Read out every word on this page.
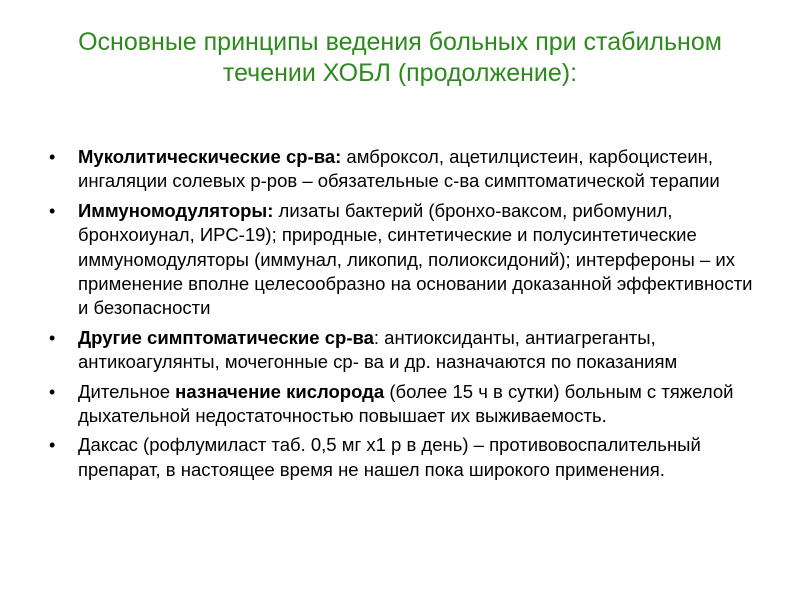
Основные принципы ведения больных при стабильном
течении ХОБЛ (продолжение):
• Муколитическические ср-ва: амброксол, ацетилцистеин, карбоцистеин, ингаляции солевых р-ров – обязательные с-ва симптоматической терапии
• Иммуномодуляторы: лизаты бактерий (бронхо-ваксом, рибомунил, бронхоиунал, ИРС-19); природные, синтетические и полусинтетические иммуномодуляторы (иммунал, ликопид, полиоксидоний); интерфероны – их применение вполне целесообразно на основании доказанной эффективности и безопасности
• Другие симптоматические ср-ва: антиоксиданты, антиагреганты, антикоагулянты, мочегонные ср- ва и др. назначаются по показаниям
• Дительное назначение кислорода (более 15 ч в сутки) больным с тяжелой дыхательной недостаточностью повышает их выживаемость.
• Даксас (рофлумиласт таб. 0,5 мг х1 р в день) – противовоспалительный препарат, в настоящее время не нашел пока широкого применения.
